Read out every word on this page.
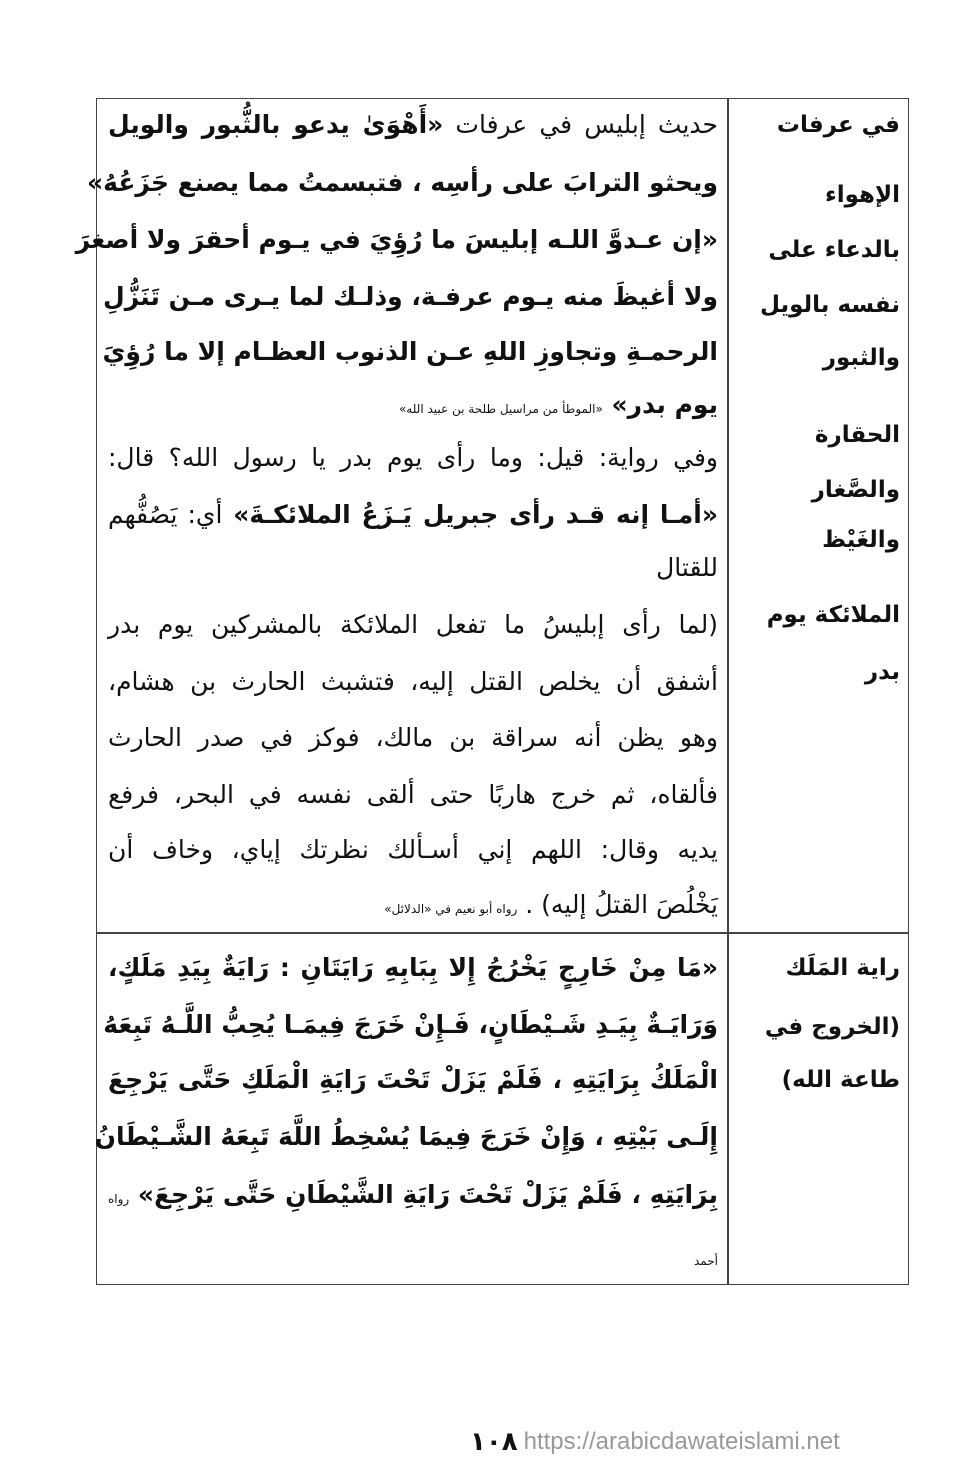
في عرفات
الإهواء
بالدعاء على
نفسه بالويل
والثبور
الحقارة
والصَّغار
والغَيْظ
الملائكة يوم
بدر
حديث إبليس في عرفات «أَهْوَىٰ يدعو بالثُّبور والويل
ويحثو الترابَ على رأسِه ، فتبسمتُ مما يصنع جَزَعُهُ»
«إن عـدوَّ اللـه إبليسَ ما رُؤِيَ في يـوم أحقرَ ولا أصغرَ
ولا أغيظَ منه يـوم عرفـة، وذلـك لما يـرى مـن تَنَزُّلِ
الرحمـةِ وتجاوزِ اللهِ عـن الذنوب العظـام إلا ما رُؤِيَ
يوم بدر» «الموطأ من مراسيل طلحة بن عبيد الله»
وفي رواية: قيل: وما رأى يوم بدر يا رسول الله؟ قال:
«أمـا إنه قـد رأى جبريل يَـزَعُ الملائكـةَ» أي: يَصُفُّهم
للقتال
(لما رأى إبليسُ ما تفعل الملائكة بالمشركين يوم بدر
أشفق أن يخلص القتل إليه، فتشبث الحارث بن هشام،
وهو يظن أنه سراقة بن مالك، فوكز في صدر الحارث
فألقاه، ثم خرج هاربًا حتى ألقى نفسه في البحر، فرفع
يديه وقال: اللهم إني أسـألك نظرتك إياي، وخاف أن
يَخْلُصَ القتلُ إليه) . رواه أبو نعيم في «الدلائل»
راية المَلَك
(الخروج في
طاعة الله)
«مَا مِنْ خَارِجٍ يَخْرُجُ إِلا بِبَابِهِ رَايَتَانِ : رَايَةٌ بِيَدِ مَلَكٍ،
وَرَايَـةٌ بِيَـدِ شَـيْطَانٍ، فَـإِنْ خَرَجَ فِيمَـا يُحِبُّ اللَّـهُ تَبِعَهُ
الْمَلَكُ بِرَايَتِهِ ، فَلَمْ يَزَلْ تَحْتَ رَايَةِ الْمَلَكِ حَتَّى يَرْجِعَ
إِلَـى بَيْتِهِ ، وَإِنْ خَرَجَ فِيمَا يُسْخِطُ اللَّهَ تَبِعَهُ الشَّـيْطَانُ
بِرَايَتِهِ ، فَلَمْ يَزَلْ تَحْتَ رَايَةِ الشَّيْطَانِ حَتَّى يَرْجِعَ» رواه
أحمد
١٠٨ https://arabicdawateislami.net
